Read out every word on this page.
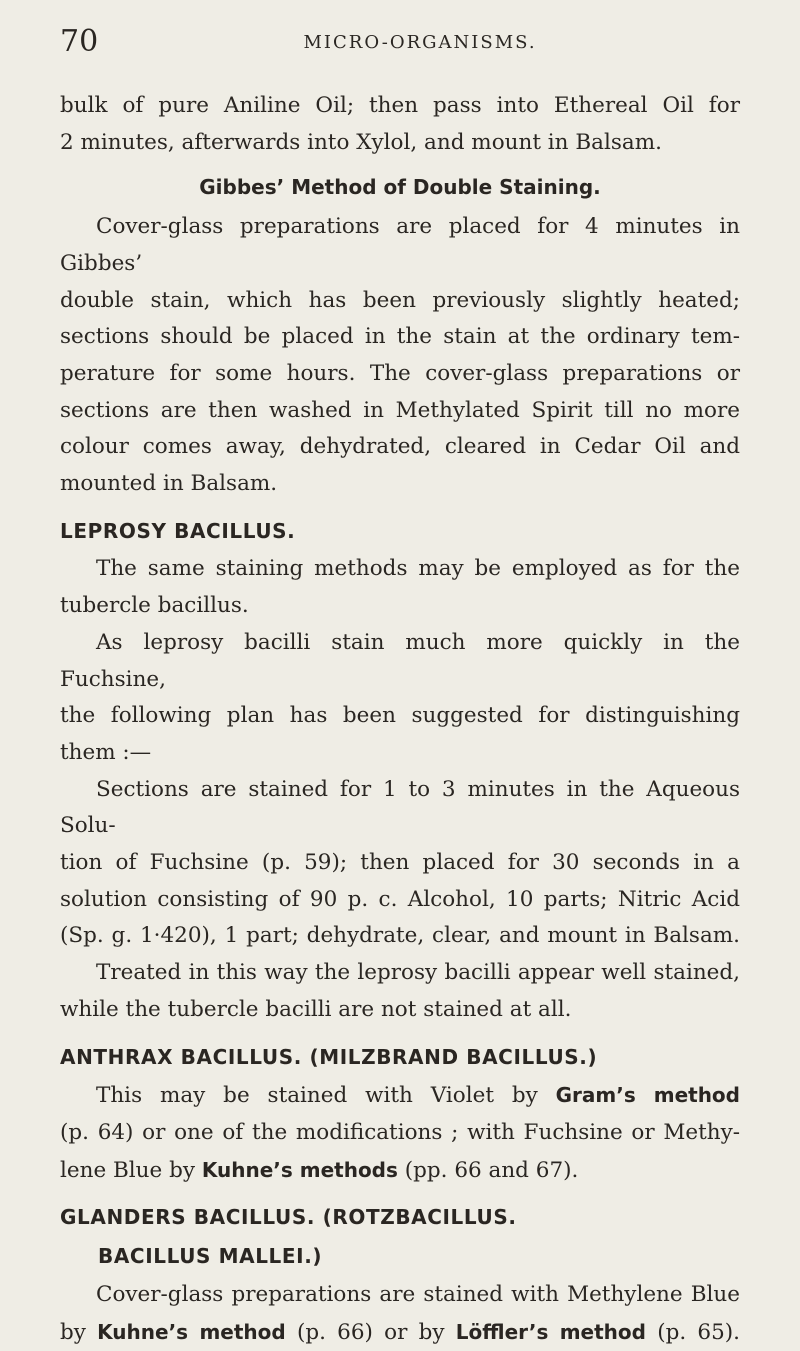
70	MICRO-ORGANISMS.

bulk of pure Aniline Oil; then pass into Ethereal Oil for
2 minutes, afterwards into Xylol, and mount in Balsam.

Gibbes’ Method of Double Staining.

Cover-glass preparations are placed for 4 minutes in Gibbes’
double stain, which has been previously slightly heated;
sections should be placed in the stain at the ordinary tem-
perature for some hours. The cover-glass preparations or
sections are then washed in Methylated Spirit till no more
colour comes away, dehydrated, cleared in Cedar Oil and
mounted in Balsam.

LEPROSY BACILLUS.

The same staining methods may be employed as for the
tubercle bacillus.

As leprosy bacilli stain much more quickly in the Fuchsine,
the following plan has been suggested for distinguishing
them :—

Sections are stained for 1 to 3 minutes in the Aqueous Solu-
tion of Fuchsine (p. 59); then placed for 30 seconds in a
solution consisting of 90 p. c. Alcohol, 10 parts; Nitric Acid
(Sp. g. 1·420), 1 part; dehydrate, clear, and mount in Balsam.

Treated in this way the leprosy bacilli appear well stained,
while the tubercle bacilli are not stained at all.

ANTHRAX BACILLUS. (MILZBRAND BACILLUS.)

This may be stained with Violet by Gram’s method
(p. 64) or one of the modifications ; with Fuchsine or Methy-
lene Blue by Kuhne’s methods (pp. 66 and 67).

GLANDERS BACILLUS. (ROTZBACILLUS.
BACILLUS MALLEI.)

Cover-glass preparations are stained with Methylene Blue
by Kuhne’s method (p. 66) or by Löffler’s method (p. 65).
